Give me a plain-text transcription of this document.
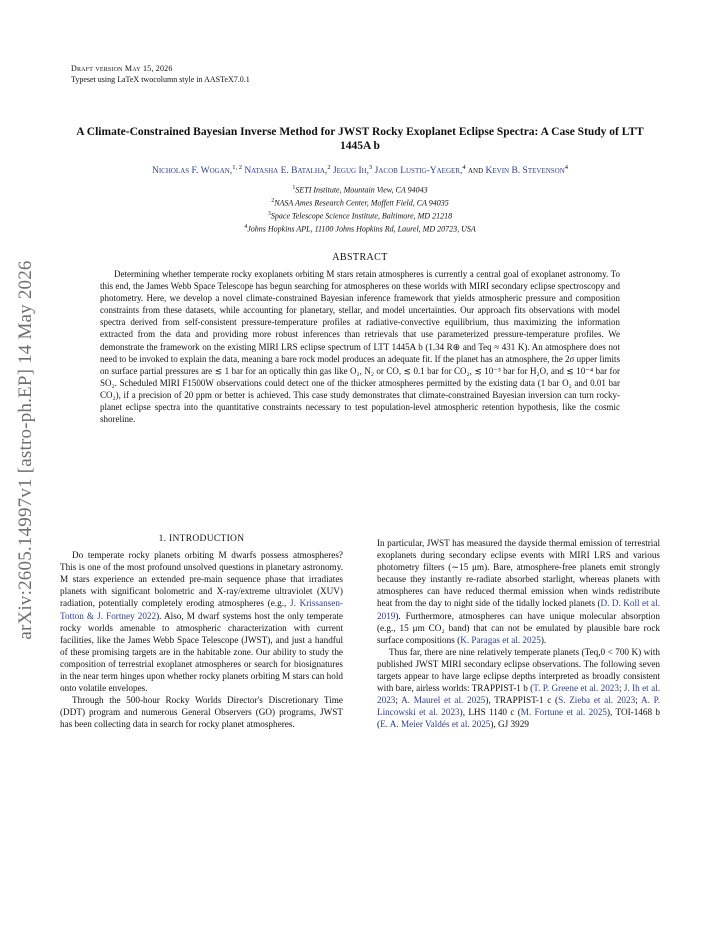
Draft version May 15, 2026
Typeset using LaTeX twocolumn style in AASTeX7.0.1
arXiv:2605.14997v1 [astro-ph.EP] 14 May 2026
A Climate-Constrained Bayesian Inverse Method for JWST Rocky Exoplanet Eclipse Spectra: A Case Study of LTT 1445A b
Nicholas F. Wogan,$^{1, 2}$ Natasha E. Batalha,$^2$ Jegug Ih,$^3$ Jacob Lustig-Yaeger,$^4$ and Kevin B. Stevenson$^4$
$^1$SETI Institute, Mountain View, CA 94043
$^2$NASA Ames Research Center, Moffett Field, CA 94035
$^3$Space Telescope Science Institute, Baltimore, MD 21218
$^4$Johns Hopkins APL, 11100 Johns Hopkins Rd, Laurel, MD 20723, USA
ABSTRACT

Determining whether temperate rocky exoplanets orbiting M stars retain atmospheres is currently a central goal of exoplanet astronomy. To this end, the James Webb Space Telescope has begun searching for atmospheres on these worlds with MIRI secondary eclipse spectroscopy and photometry. Here, we develop a novel climate-constrained Bayesian inference framework that yields atmospheric pressure and composition constraints from these datasets, while accounting for planetary, stellar, and model uncertainties. Our approach fits observations with model spectra derived from self-consistent pressure-temperature profiles at radiative-convective equilibrium, thus maximizing the information extracted from the data and providing more robust inferences than retrievals that use parameterized pressure-temperature profiles. We demonstrate the framework on the existing MIRI LRS eclipse spectrum of LTT 1445A b (1.34 R⊕ and Teq ≈ 431 K). An atmosphere does not need to be invoked to explain the data, meaning a bare rock model produces an adequate fit. If the planet has an atmosphere, the 2σ upper limits on surface partial pressures are ≲ 1 bar for an optically thin gas like O₂, N₂ or CO, ≲ 0.1 bar for CO₂, ≲ 10⁻³ bar for H₂O, and ≲ 10⁻⁴ bar for SO₂. Scheduled MIRI F1500W observations could detect one of the thicker atmospheres permitted by the existing data (1 bar O₂ and 0.01 bar CO₂), if a precision of 20 ppm or better is achieved. This case study demonstrates that climate-constrained Bayesian inversion can turn rocky-planet eclipse spectra into the quantitative constraints necessary to test population-level atmospheric retention hypothesis, like the cosmic shoreline.

1. INTRODUCTION

Do temperate rocky planets orbiting M dwarfs possess atmospheres? This is one of the most profound unsolved questions in planetary astronomy. M stars experience an extended pre-main sequence phase that irradiates planets with significant bolometric and X-ray/extreme ultraviolet (XUV) radiation, potentially completely eroding atmospheres (e.g., J. Krissansen-Totton & J. Fortney 2022). Also, M dwarf systems host the only temperate rocky worlds amenable to atmospheric characterization with current facilities, like the James Webb Space Telescope (JWST), and just a handful of these promising targets are in the habitable zone. Our ability to study the composition of terrestrial exoplanet atmospheres or search for biosignatures in the near term hinges upon whether rocky planets orbiting M stars can hold onto volatile envelopes.

Through the 500-hour Rocky Worlds Director's Discretionary Time (DDT) program and numerous General Observers (GO) programs, JWST has been collecting data in search for rocky planet atmospheres.

In particular, JWST has measured the dayside thermal emission of terrestrial exoplanets during secondary eclipse events with MIRI LRS and various photometry filters (∼15 μm). Bare, atmosphere-free planets emit strongly because they instantly re-radiate absorbed starlight, whereas planets with atmospheres can have reduced thermal emission when winds redistribute heat from the day to night side of the tidally locked planets (D. D. Koll et al. 2019). Furthermore, atmospheres can have unique molecular absorption (e.g., 15 μm CO₂ band) that can not be emulated by plausible bare rock surface compositions (K. Paragas et al. 2025).

Thus far, there are nine relatively temperate planets (Teq,0 < 700 K) with published JWST MIRI secondary eclipse observations. The following seven targets appear to have large eclipse depths interpreted as broadly consistent with bare, airless worlds: TRAPPIST-1 b (T. P. Greene et al. 2023; J. Ih et al. 2023; A. Maurel et al. 2025), TRAPPIST-1 c (S. Zieba et al. 2023; A. P. Lincowski et al. 2023), LHS 1140 c (M. Fortune et al. 2025), TOI-1468 b (E. A. Meier Valdés et al. 2025), GJ 3929
